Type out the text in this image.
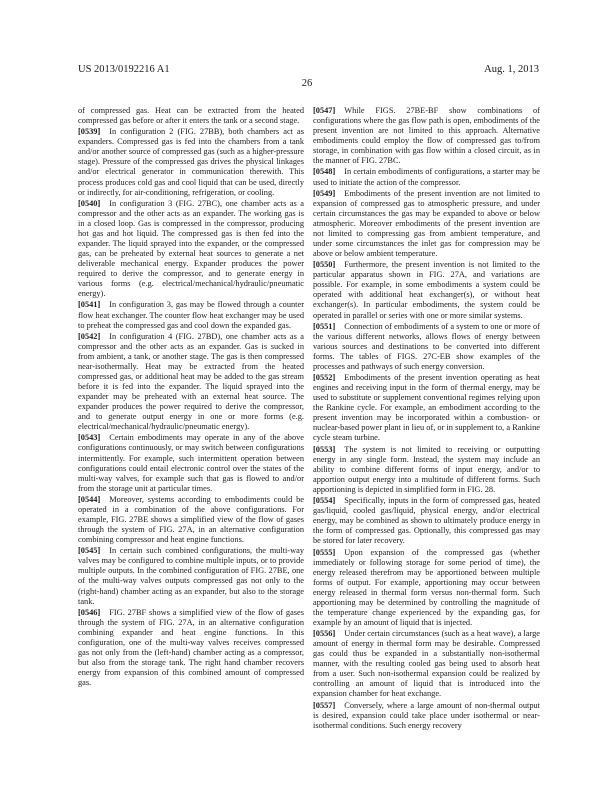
US 2013/0192216 A1	Aug. 1, 2013
26

of compressed gas. Heat can be extracted from the heated compressed gas before or after it enters the tank or a second stage.

[0539] In configuration 2 (FIG. 27BB), both chambers act as expanders. Compressed gas is fed into the chambers from a tank and/or another source of compressed gas (such as a higher-pressure stage). Pressure of the compressed gas drives the physical linkages and/or electrical generator in communication therewith. This process produces cold gas and cool liquid that can be used, directly or indirectly, for air-conditioning, refrigeration, or cooling.

[0540] In configuration 3 (FIG. 27BC), one chamber acts as a compressor and the other acts as an expander. The working gas is in a closed loop. Gas is compressed in the compressor, producing hot gas and hot liquid. The compressed gas is then fed into the expander. The liquid sprayed into the expander, or the compressed gas, can be preheated by external heat sources to generate a net deliverable mechanical energy. Expander produces the power required to derive the compressor, and to generate energy in various forms (e.g. electrical/mechanical/hydraulic/pneumatic energy).

[0541] In configuration 3, gas may be flowed through a counter flow heat exchanger. The counter flow heat exchanger may be used to preheat the compressed gas and cool down the expanded gas.

[0542] In configuration 4 (FIG. 27BD), one chamber acts as a compressor and the other acts as an expander. Gas is sucked in from ambient, a tank, or another stage. The gas is then compressed near-isothermally. Heat may be extracted from the heated compressed gas, or additional heat may be added to the gas stream before it is fed into the expander. The liquid sprayed into the expander may be preheated with an external heat source. The expander produces the power required to derive the compressor, and to generate output energy in one or more forms (e.g. electrical/mechanical/hydraulic/pneumatic energy).

[0543] Certain embodiments may operate in any of the above configurations continuously, or may switch between configurations intermittently. For example, such intermittent operation between configurations could entail electronic control over the states of the multi-way valves, for example such that gas is flowed to and/or from the storage unit at particular times.

[0544] Moreover, systems according to embodiments could be operated in a combination of the above configurations. For example, FIG. 27BE shows a simplified view of the flow of gases through the system of FIG. 27A, in an alternative configuration combining compressor and heat engine functions.

[0545] In certain such combined configurations, the multi-way valves may be configured to combine multiple inputs, or to provide multiple outputs. In the combined configuration of FIG. 27BE, one of the multi-way valves outputs compressed gas not only to the (right-hand) chamber acting as an expander, but also to the storage tank.

[0546] FIG. 27BF shows a simplified view of the flow of gases through the system of FIG. 27A, in an alternative configuration combining expander and heat engine functions. In this configuration, one of the multi-way valves receives compressed gas not only from the (left-hand) chamber acting as a compressor, but also from the storage tank. The right hand chamber recovers energy from expansion of this combined amount of compressed gas.

[0547] While FIGS. 27BE-BF show combinations of configurations where the gas flow path is open, embodiments of the present invention are not limited to this approach. Alternative embodiments could employ the flow of compressed gas to/from storage, in combination with gas flow within a closed circuit, as in the manner of FIG. 27BC.

[0548] In certain embodiments of configurations, a starter may be used to initiate the action of the compressor.

[0549] Embodiments of the present invention are not limited to expansion of compressed gas to atmospheric pressure, and under certain circumstances the gas may be expanded to above or below atmospheric. Moreover embodiments of the present invention are not limited to compressing gas from ambient temperature, and under some circumstances the inlet gas for compression may be above or below ambient temperature.

[0550] Furthermore, the present invention is not limited to the particular apparatus shown in FIG. 27A, and variations are possible. For example, in some embodiments a system could be operated with additional heat exchanger(s), or without heat exchanger(s). In particular embodiments, the system could be operated in parallel or series with one or more similar systems.

[0551] Connection of embodiments of a system to one or more of the various different networks, allows flows of energy between various sources and destinations to be converted into different forms. The tables of FIGS. 27C-EB show examples of the processes and pathways of such energy conversion.

[0552] Embodiments of the present invention operating as heat engines and receiving input in the form of thermal energy, may be used to substitute or supplement conventional regimes relying upon the Rankine cycle. For example, an embodiment according to the present invention may be incorporated within a combustion- or nuclear-based power plant in lieu of, or in supplement to, a Rankine cycle steam turbine.

[0553] The system is not limited to receiving or outputting energy in any single form. Instead, the system may include an ability to combine different forms of input energy, and/or to apportion output energy into a multitude of different forms. Such apportioning is depicted in simplified form in FIG. 28.

[0554] Specifically, inputs in the form of compressed gas, heated gas/liquid, cooled gas/liquid, physical energy, and/or electrical energy, may be combined as shown to ultimately produce energy in the form of compressed gas. Optionally, this compressed gas may be stored for later recovery.

[0555] Upon expansion of the compressed gas (whether immediately or following storage for some period of time), the energy released therefrom may be apportioned between multiple forms of output. For example, apportioning may occur between energy released in thermal form versus non-thermal form. Such apportioning may be determined by controlling the magnitude of the temperature change experienced by the expanding gas, for example by an amount of liquid that is injected.

[0556] Under certain circumstances (such as a heat wave), a large amount of energy in thermal form may be desirable. Compressed gas could thus be expanded in a substantially non-isothermal manner, with the resulting cooled gas being used to absorb heat from a user. Such non-isothermal expansion could be realized by controlling an amount of liquid that is introduced into the expansion chamber for heat exchange.

[0557] Conversely, where a large amount of non-thermal output is desired, expansion could take place under isothermal or near-isothermal conditions. Such energy recovery
